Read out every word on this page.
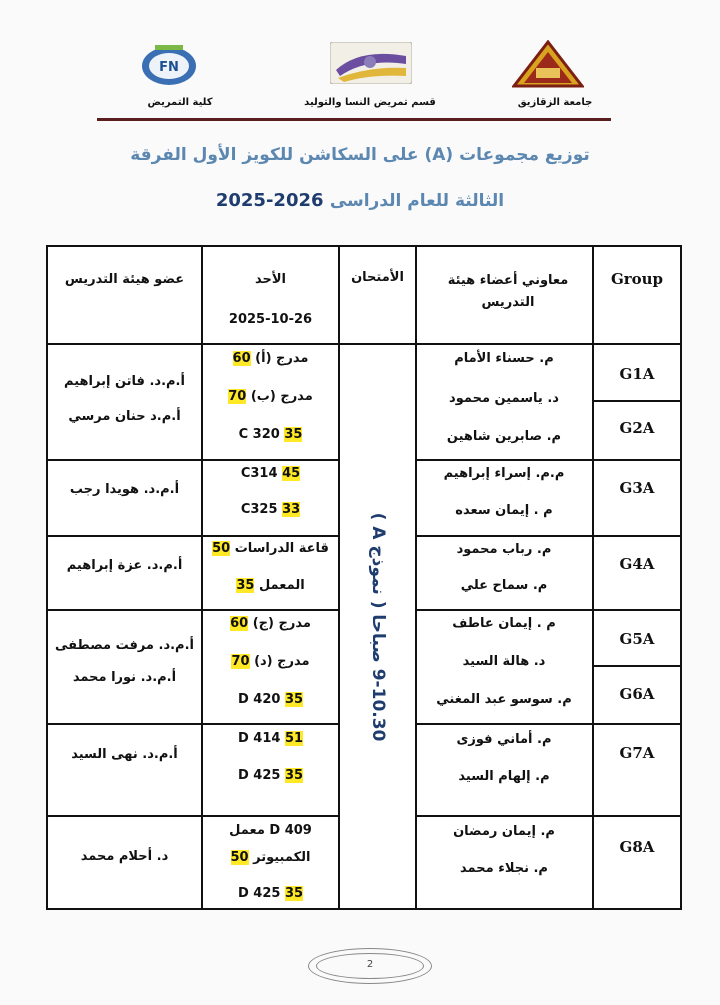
FN
كلية التمريض	قسم تمريض النسا والتوليد	جامعة الزقازيق
توزيع مجموعات (A) على السكاشن للكويز الأول الفرقة
الثالثة للعام الدراسى 2025-2026
Group
معاوني أعضاء هيئة التدريس
الأمتحان
الأحد
2025-10-26
عضو هيئة التدريس
9-10.30 صباحا ( نموذج A )
G1A
G2A
G3A
G4A
G5A
G6A
G7A
G8A
م. حسناء الأمام
د. ياسمين محمود
م. صابرين شاهين
مدرج (أ) 60
مدرج (ب) 70
C 320 35
أ.م.د. فاتن إبراهيم
أ.م.د حنان مرسي
م.م. إسراء إبراهيم
م . إيمان سعده
C314 45
C325 33
أ.م.د. هويدا رجب
م. رباب محمود
م. سماح علي
قاعة الدراسات 50
المعمل 35
أ.م.د. عزة إبراهيم
م . إيمان عاطف
د. هالة السيد
م. سوسو عبد المغني
مدرج (ج) 60
مدرج (د) 70
D 420 35
أ.م.د. مرفت مصطفى
أ.م.د. نورا محمد
م. أماني فوزى
م. إلهام السيد
D 414 51
D 425 35
أ.م.د. نهى السيد
م. إيمان رمضان
م. نجلاء محمد
D 409 معمل
الكمبيوتر 50
D 425 35
د. أحلام محمد
2
